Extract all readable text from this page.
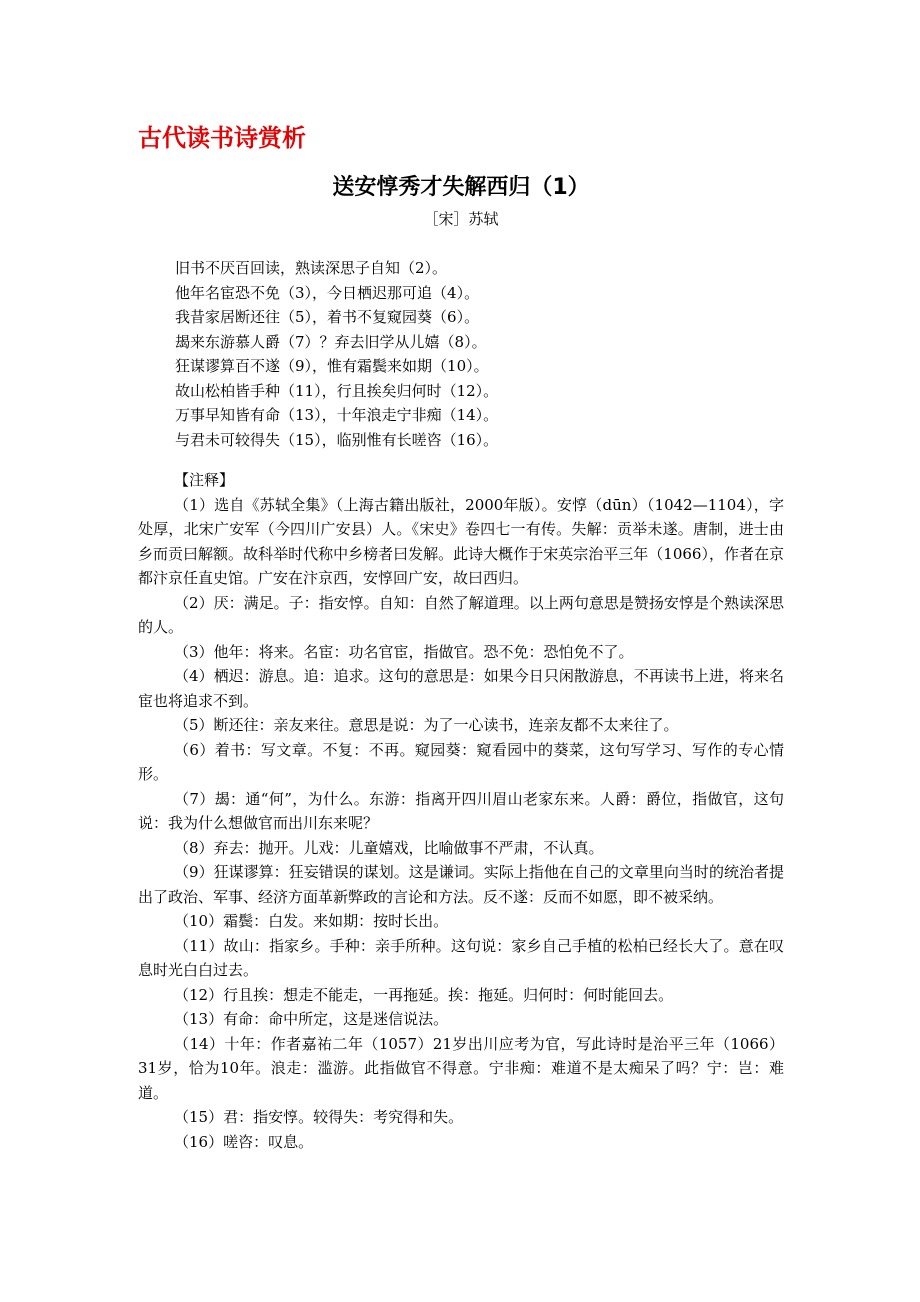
古代读书诗赏析
送安惇秀才失解西归（1）

［宋］苏轼

旧书不厌百回读，熟读深思子自知（2）。
他年名宦恐不免（3），今日栖迟那可追（4）。
我昔家居断还往（5），着书不复窥园葵（6）。
朅来东游慕人爵（7）？弃去旧学从儿嬉（8）。
狂谋谬算百不遂（9），惟有霜鬓来如期（10）。
故山松柏皆手种（11），行且挨矣归何时（12）。
万事早知皆有命（13），十年浪走宁非痴（14）。
与君未可较得失（15），临别惟有长嗟咨（16）。

【注释】

（1）选自《苏轼全集》（上海古籍出版社，2000年版）。安惇（dūn）（1042—1104），字处厚，北宋广安军（今四川广安县）人。《宋史》卷四七一有传。失解：贡举未遂。唐制，进士由乡而贡曰解额。故科举时代称中乡榜者曰发解。此诗大概作于宋英宗治平三年（1066），作者在京都汴京任直史馆。广安在汴京西，安惇回广安，故曰西归。
（2）厌：满足。子：指安惇。自知：自然了解道理。以上两句意思是赞扬安惇是个熟读深思的人。
（3）他年：将来。名宦：功名官宦，指做官。恐不免：恐怕免不了。
（4）栖迟：游息。追：追求。这句的意思是：如果今日只闲散游息，不再读书上进，将来名宦也将追求不到。
（5）断还往：亲友来往。意思是说：为了一心读书，连亲友都不太来往了。
（6）着书：写文章。不复：不再。窥园葵：窥看园中的葵菜，这句写学习、写作的专心情形。
（7）朅：通“何”，为什么。东游：指离开四川眉山老家东来。人爵：爵位，指做官，这句说：我为什么想做官而出川东来呢？
（8）弃去：抛开。儿戏：儿童嬉戏，比喻做事不严肃，不认真。
（9）狂谋谬算：狂妄错误的谋划。这是谦词。实际上指他在自己的文章里向当时的统治者提出了政治、军事、经济方面革新弊政的言论和方法。反不遂：反而不如愿，即不被采纳。
（10）霜鬓：白发。来如期：按时长出。
（11）故山：指家乡。手种：亲手所种。这句说：家乡自己手植的松柏已经长大了。意在叹息时光白白过去。
（12）行且挨：想走不能走，一再拖延。挨：拖延。归何时：何时能回去。
（13）有命：命中所定，这是迷信说法。
（14）十年：作者嘉祐二年（1057）21岁出川应考为官，写此诗时是治平三年（1066）31岁，恰为10年。浪走：滥游。此指做官不得意。宁非痴：难道不是太痴呆了吗？宁：岂：难道。
（15）君：指安惇。较得失：考究得和失。
（16）嗟咨：叹息。
